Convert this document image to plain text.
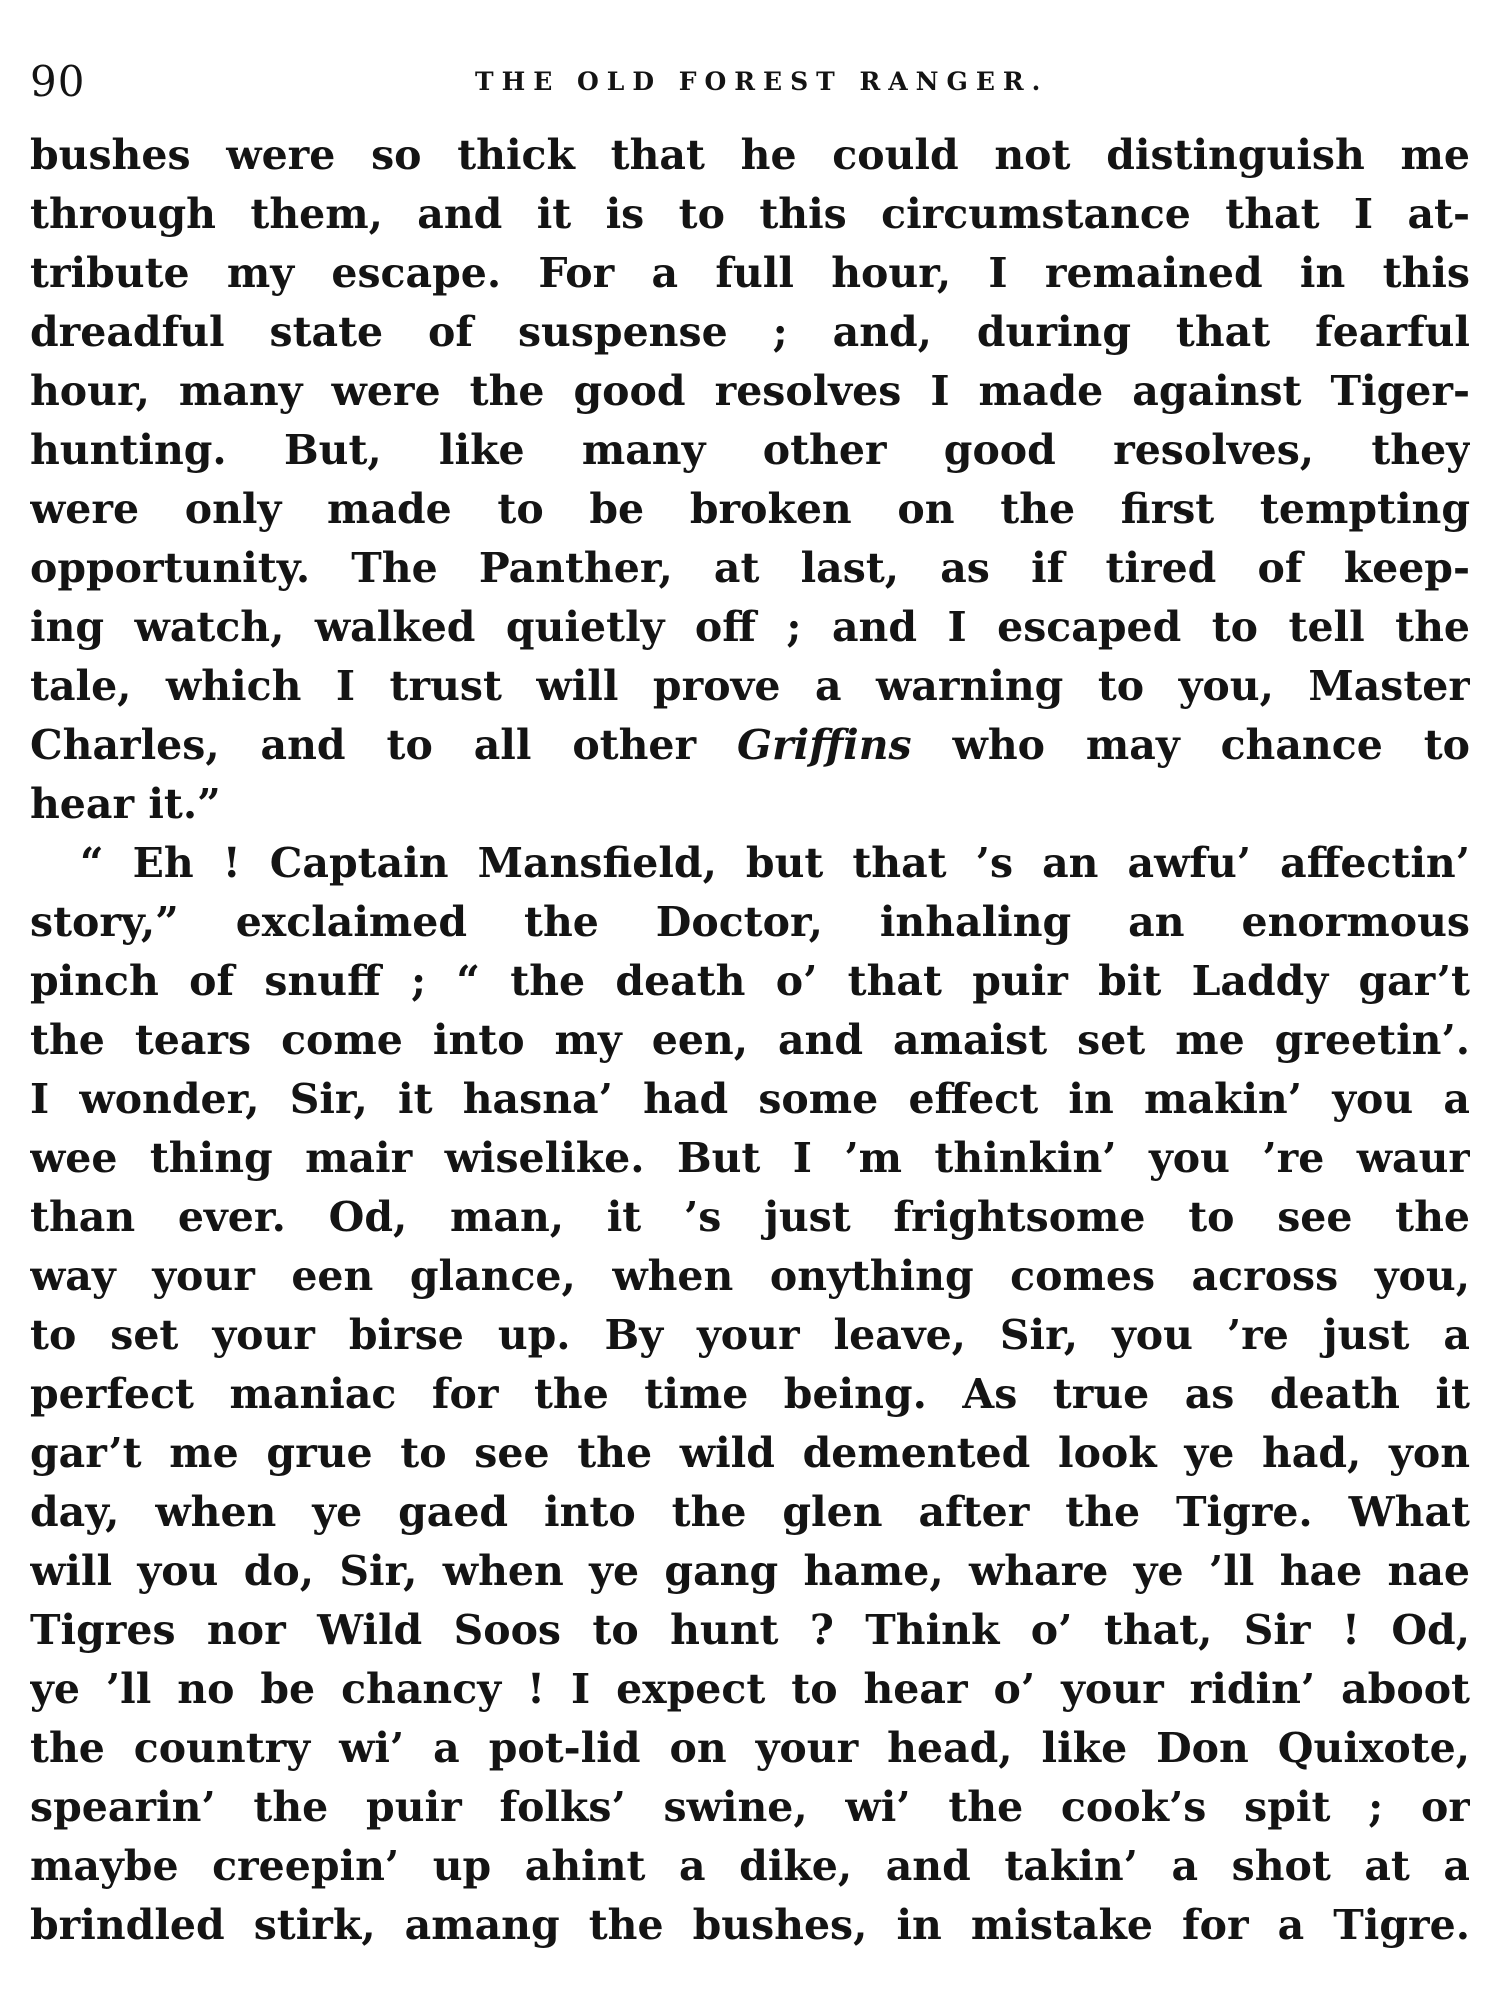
90	THE OLD FOREST RANGER.
bushes were so thick that he could not distinguish me
through them, and it is to this circumstance that I at-
tribute my escape. For a full hour, I remained in this
dreadful state of suspense ; and, during that fearful
hour, many were the good resolves I made against Tiger-
hunting. But, like many other good resolves, they
were only made to be broken on the first tempting
opportunity. The Panther, at last, as if tired of keep-
ing watch, walked quietly off ; and I escaped to tell the
tale, which I trust will prove a warning to you, Master
Charles, and to all other Griffins who may chance to
hear it.”
“ Eh ! Captain Mansfield, but that ’s an awfu’ affectin’
story,” exclaimed the Doctor, inhaling an enormous
pinch of snuff ; “ the death o’ that puir bit Laddy gar’t
the tears come into my een, and amaist set me greetin’.
I wonder, Sir, it hasna’ had some effect in makin’ you a
wee thing mair wiselike. But I ’m thinkin’ you ’re waur
than ever. Od, man, it ’s just frightsome to see the
way your een glance, when onything comes across you,
to set your birse up. By your leave, Sir, you ’re just a
perfect maniac for the time being. As true as death it
gar’t me grue to see the wild demented look ye had, yon
day, when ye gaed into the glen after the Tigre. What
will you do, Sir, when ye gang hame, whare ye ’ll hae nae
Tigres nor Wild Soos to hunt ? Think o’ that, Sir ! Od,
ye ’ll no be chancy ! I expect to hear o’ your ridin’ aboot
the country wi’ a pot-lid on your head, like Don Quixote,
spearin’ the puir folks’ swine, wi’ the cook’s spit ; or
maybe creepin’ up ahint a dike, and takin’ a shot at a
brindled stirk, amang the bushes, in mistake for a Tigre.
